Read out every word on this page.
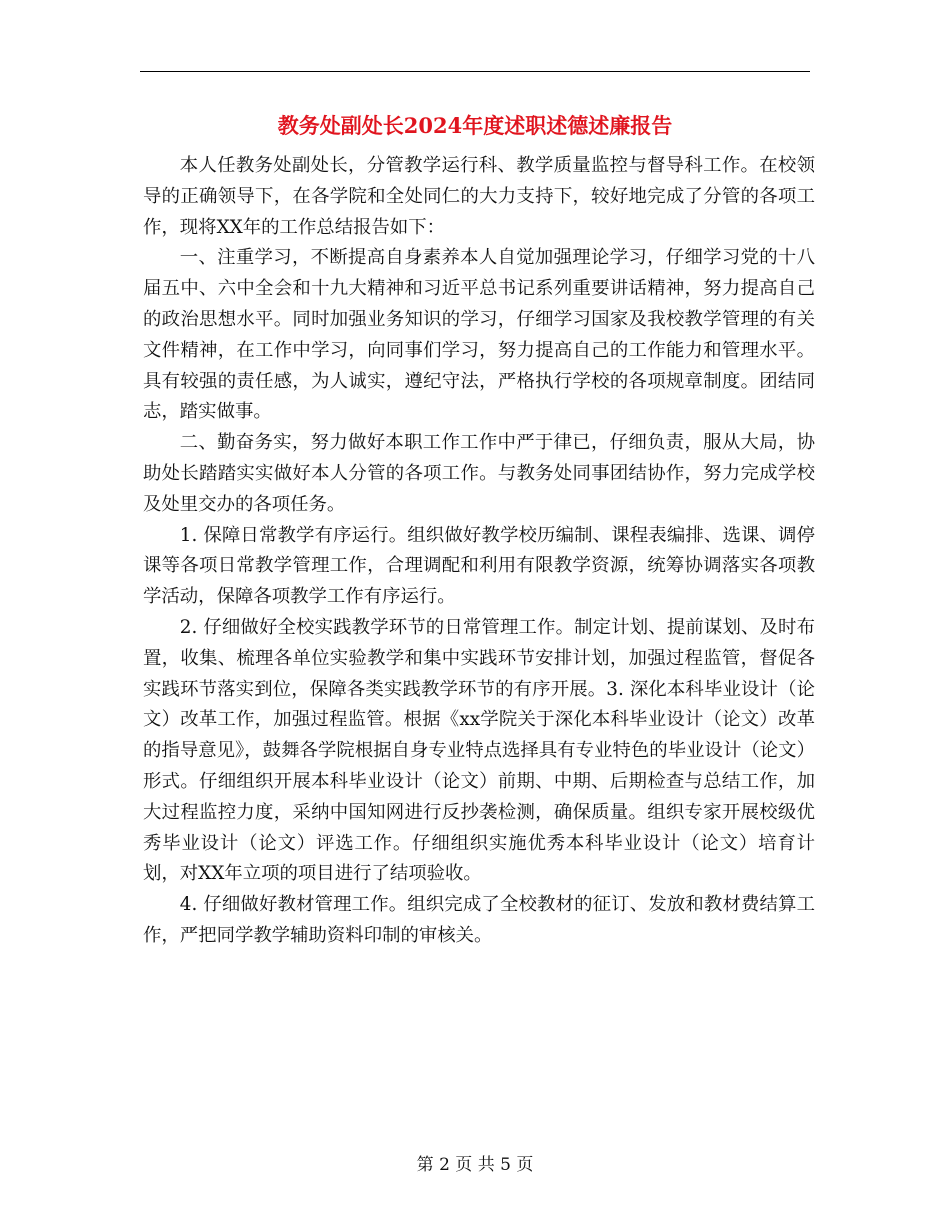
教务处副处长2024年度述职述德述廉报告

本人任教务处副处长，分管教学运行科、教学质量监控与督导科工作。在校领导的正确领导下，在各学院和全处同仁的大力支持下，较好地完成了分管的各项工作，现将XX年的工作总结报告如下：

一、注重学习，不断提高自身素养本人自觉加强理论学习，仔细学习党的十八届五中、六中全会和十九大精神和习近平总书记系列重要讲话精神，努力提高自己的政治思想水平。同时加强业务知识的学习，仔细学习国家及我校教学管理的有关文件精神，在工作中学习，向同事们学习，努力提高自己的工作能力和管理水平。具有较强的责任感，为人诚实，遵纪守法，严格执行学校的各项规章制度。团结同志，踏实做事。

二、勤奋务实，努力做好本职工作工作中严于律已，仔细负责，服从大局，协助处长踏踏实实做好本人分管的各项工作。与教务处同事团结协作，努力完成学校及处里交办的各项任务。

1. 保障日常教学有序运行。组织做好教学校历编制、课程表编排、选课、调停课等各项日常教学管理工作，合理调配和利用有限教学资源，统筹协调落实各项教学活动，保障各项教学工作有序运行。

2. 仔细做好全校实践教学环节的日常管理工作。制定计划、提前谋划、及时布置，收集、梳理各单位实验教学和集中实践环节安排计划，加强过程监管，督促各实践环节落实到位，保障各类实践教学环节的有序开展。3. 深化本科毕业设计（论文）改革工作，加强过程监管。根据《xx学院关于深化本科毕业设计（论文）改革的指导意见》，鼓舞各学院根据自身专业特点选择具有专业特色的毕业设计（论文）形式。仔细组织开展本科毕业设计（论文）前期、中期、后期检查与总结工作，加大过程监控力度，采纳中国知网进行反抄袭检测，确保质量。组织专家开展校级优秀毕业设计（论文）评选工作。仔细组织实施优秀本科毕业设计（论文）培育计划，对XX年立项的项目进行了结项验收。

4. 仔细做好教材管理工作。组织完成了全校教材的征订、发放和教材费结算工作，严把同学教学辅助资料印制的审核关。

第 2 页 共 5 页
